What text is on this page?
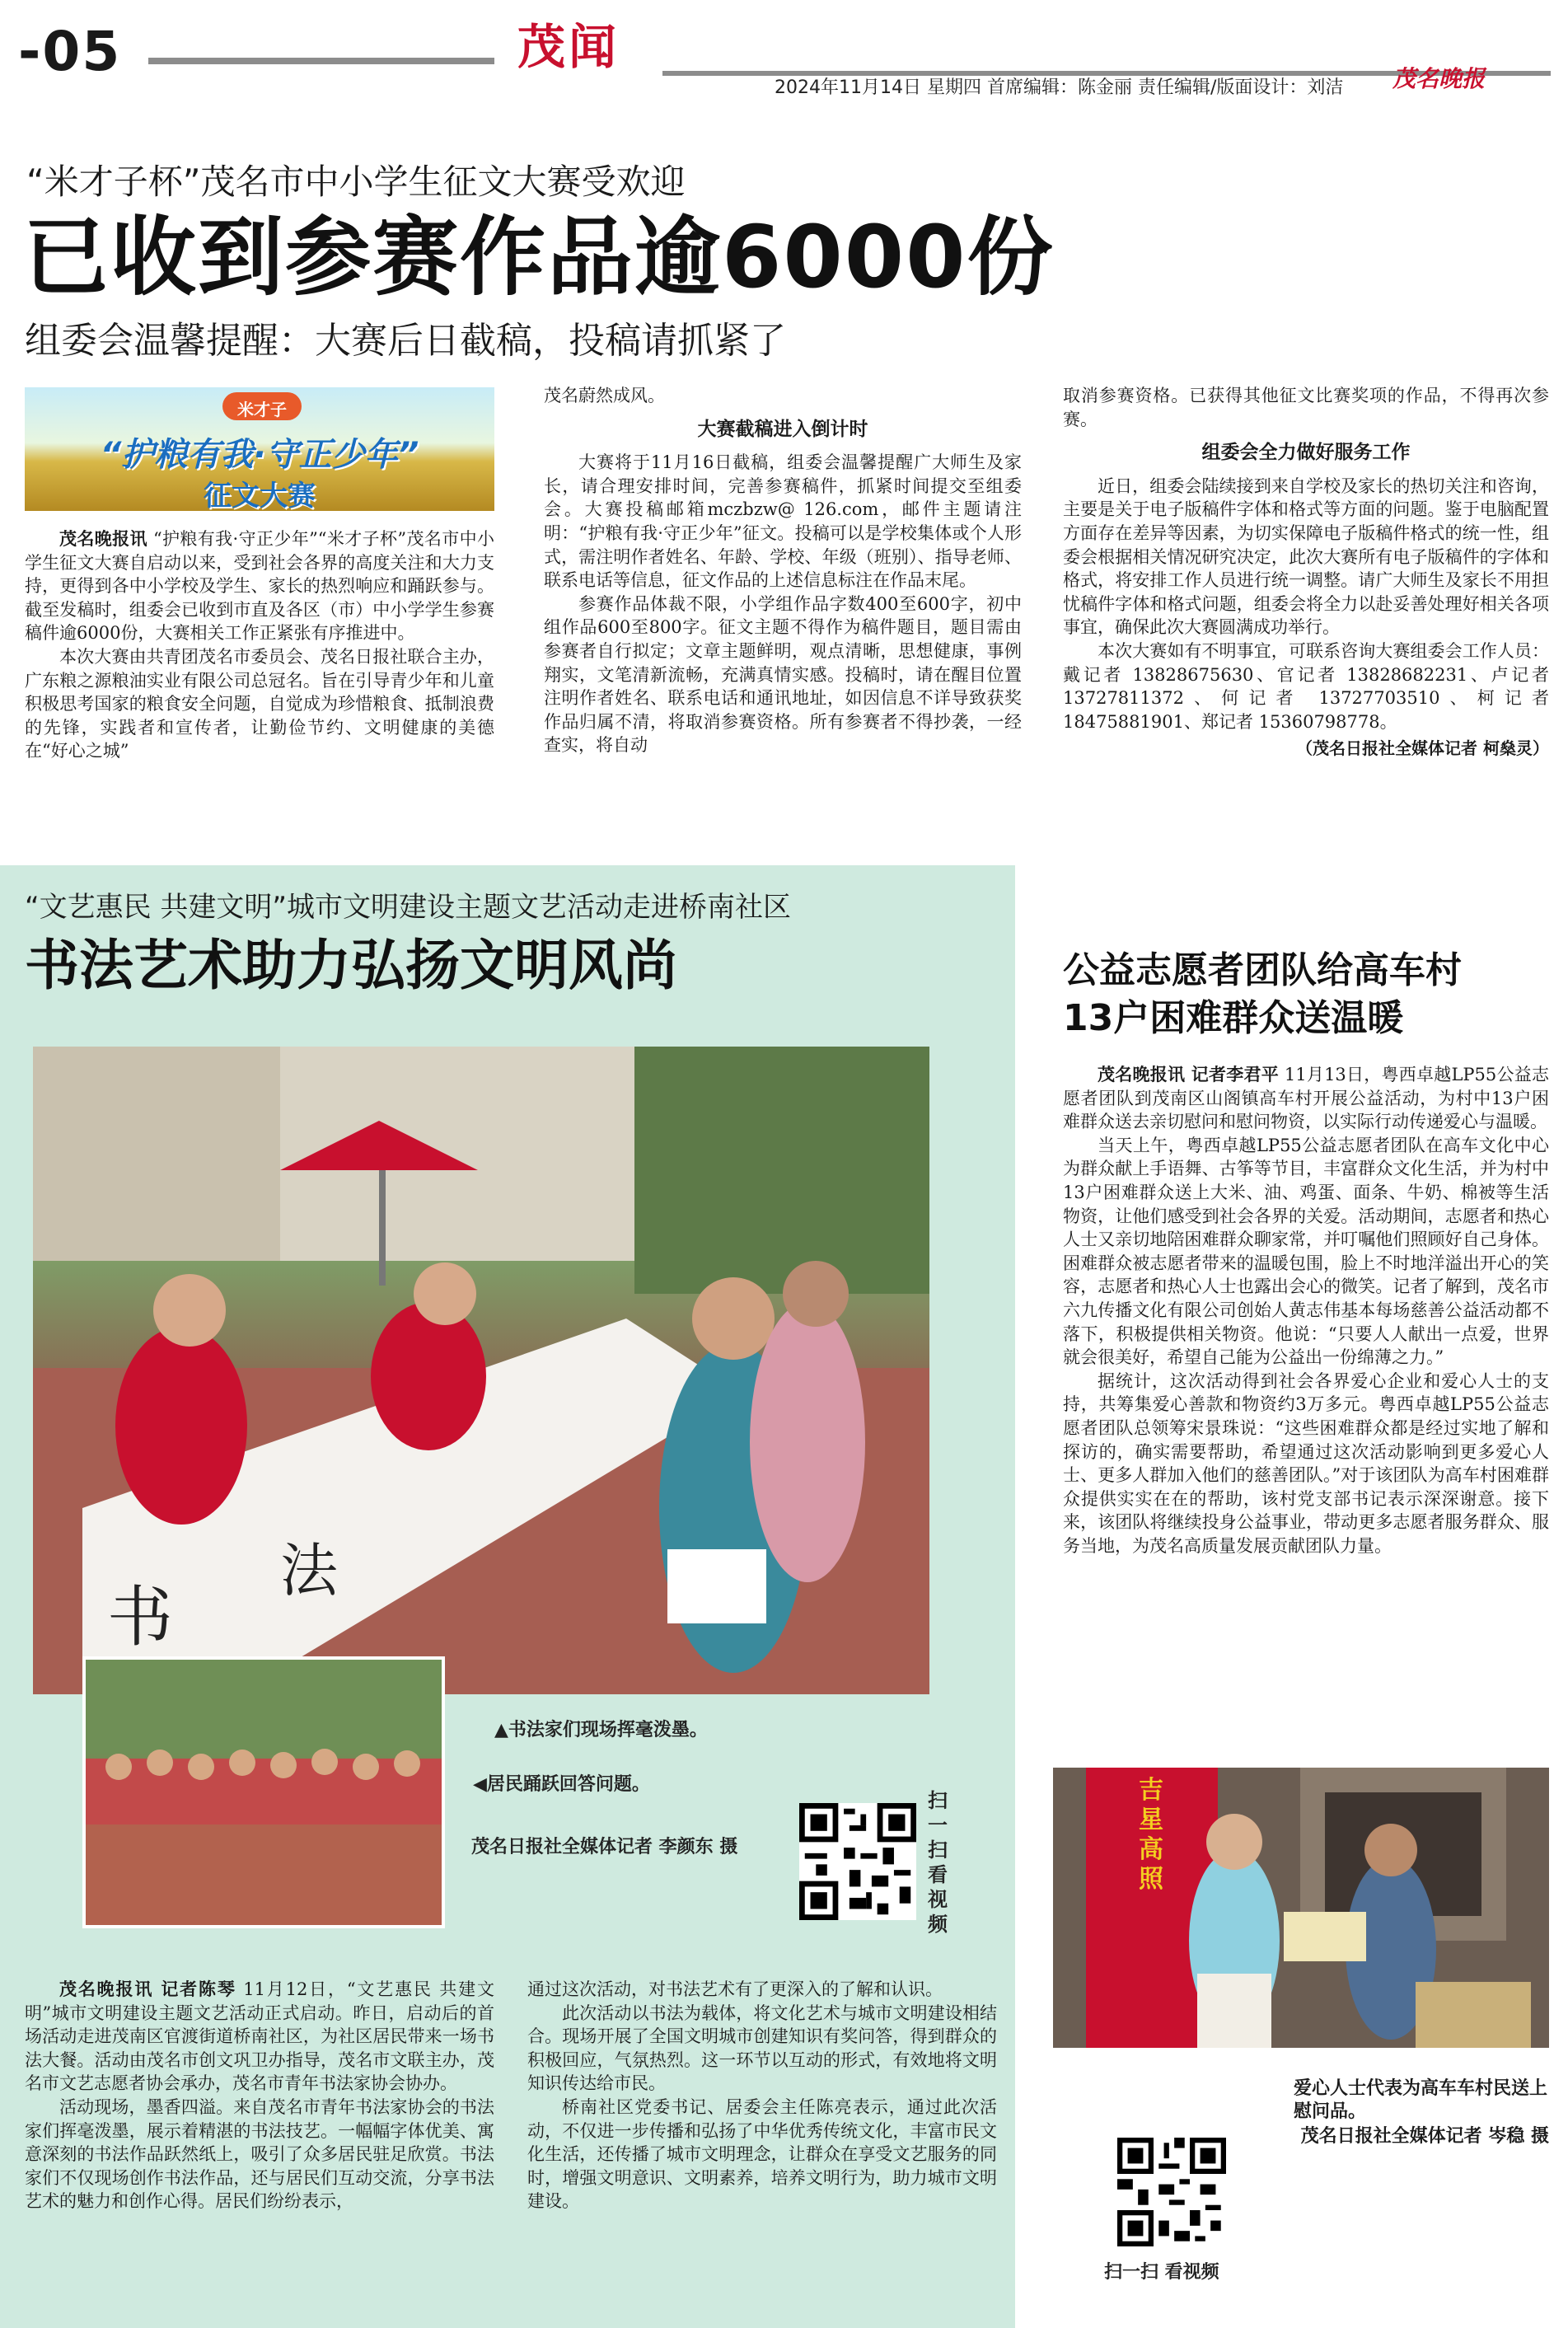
-05	茂闻
2024年11月14日 星期四 首席编辑：陈金丽 责任编辑/版面设计：刘洁 茂名晚报
“米才子杯”茂名市中小学生征文大赛受欢迎
已收到参赛作品逾6000份
组委会温馨提醒：大赛后日截稿，投稿请抓紧了
米才子
“护粮有我·守正少年”
征文大赛

茂名晚报讯 “护粮有我·守正少年”“米才子杯”茂名市中小学生征文大赛自启动以来，受到社会各界的高度关注和大力支持，更得到各中小学校及学生、家长的热烈响应和踊跃参与。截至发稿时，组委会已收到市直及各区（市）中小学学生参赛稿件逾6000份，大赛相关工作正紧张有序推进中。

本次大赛由共青团茂名市委员会、茂名日报社联合主办，广东粮之源粮油实业有限公司总冠名。旨在引导青少年和儿童积极思考国家的粮食安全问题，自觉成为珍惜粮食、抵制浪费的先锋，实践者和宣传者，让勤俭节约、文明健康的美德在“好心之城”

茂名蔚然成风。

大赛截稿进入倒计时

大赛将于11月16日截稿，组委会温馨提醒广大师生及家长，请合理安排时间，完善参赛稿件，抓紧时间提交至组委会。大赛投稿邮箱mczbzw@ 126.com，邮件主题请注明：“护粮有我·守正少年”征文。投稿可以是学校集体或个人形式，需注明作者姓名、年龄、学校、年级（班别）、指导老师、联系电话等信息，征文作品的上述信息标注在作品末尾。

参赛作品体裁不限，小学组作品字数400至600字，初中组作品600至800字。征文主题不得作为稿件题目，题目需由参赛者自行拟定；文章主题鲜明，观点清晰，思想健康，事例翔实，文笔清新流畅，充满真情实感。投稿时，请在醒目位置注明作者姓名、联系电话和通讯地址，如因信息不详导致获奖作品归属不清，将取消参赛资格。所有参赛者不得抄袭，一经查实，将自动

取消参赛资格。已获得其他征文比赛奖项的作品，不得再次参赛。

组委会全力做好服务工作

近日，组委会陆续接到来自学校及家长的热切关注和咨询，主要是关于电子版稿件字体和格式等方面的问题。鉴于电脑配置方面存在差异等因素，为切实保障电子版稿件格式的统一性，组委会根据相关情况研究决定，此次大赛所有电子版稿件的字体和格式，将安排工作人员进行统一调整。请广大师生及家长不用担忧稿件字体和格式问题，组委会将全力以赴妥善处理好相关各项事宜，确保此次大赛圆满成功举行。

本次大赛如有不明事宜，可联系咨询大赛组委会工作人员：戴记者 13828675630、官记者 13828682231、卢记者 13727811372、何记者 13727703510、柯记者 18475881901、郑记者 15360798778。

（茂名日报社全媒体记者 柯燊灵）
“文艺惠民 共建文明”城市文明建设主题文艺活动走进桥南社区
书法艺术助力弘扬文明风尚
书
法
▲书法家们现场挥毫泼墨。
◀居民踊跃回答问题。
茂名日报社全媒体记者 李颜东 摄
扫一扫 看视频

茂名晚报讯 记者陈琴 11月12日，“文艺惠民 共建文明”城市文明建设主题文艺活动正式启动。昨日，启动后的首场活动走进茂南区官渡街道桥南社区，为社区居民带来一场书法大餐。活动由茂名市创文巩卫办指导，茂名市文联主办，茂名市文艺志愿者协会承办，茂名市青年书法家协会协办。

活动现场，墨香四溢。来自茂名市青年书法家协会的书法家们挥毫泼墨，展示着精湛的书法技艺。一幅幅字体优美、寓意深刻的书法作品跃然纸上，吸引了众多居民驻足欣赏。书法家们不仅现场创作书法作品，还与居民们互动交流，分享书法艺术的魅力和创作心得。居民们纷纷表示，

通过这次活动，对书法艺术有了更深入的了解和认识。

此次活动以书法为载体，将文化艺术与城市文明建设相结合。现场开展了全国文明城市创建知识有奖问答，得到群众的积极回应，气氛热烈。这一环节以互动的形式，有效地将文明知识传达给市民。

桥南社区党委书记、居委会主任陈亮表示，通过此次活动，不仅进一步传播和弘扬了中华优秀传统文化，丰富市民文化生活，还传播了城市文明理念，让群众在享受文艺服务的同时，增强文明意识、文明素养，培养文明行为，助力城市文明建设。

公益志愿者团队给高车村
13户困难群众送温暖

茂名晚报讯 记者李君平 11月13日，粤西卓越LP55公益志愿者团队到茂南区山阁镇高车村开展公益活动，为村中13户困难群众送去亲切慰问和慰问物资，以实际行动传递爱心与温暖。

当天上午，粤西卓越LP55公益志愿者团队在高车文化中心为群众献上手语舞、古筝等节目，丰富群众文化生活，并为村中13户困难群众送上大米、油、鸡蛋、面条、牛奶、棉被等生活物资，让他们感受到社会各界的关爱。活动期间，志愿者和热心人士又亲切地陪困难群众聊家常，并叮嘱他们照顾好自己身体。困难群众被志愿者带来的温暖包围，脸上不时地洋溢出开心的笑容，志愿者和热心人士也露出会心的微笑。记者了解到，茂名市六九传播文化有限公司创始人黄志伟基本每场慈善公益活动都不落下，积极提供相关物资。他说：“只要人人献出一点爱，世界就会很美好，希望自己能为公益出一份绵薄之力。”

据统计，这次活动得到社会各界爱心企业和爱心人士的支持，共筹集爱心善款和物资约3万多元。粤西卓越LP55公益志愿者团队总领筹宋景珠说：“这些困难群众都是经过实地了解和探访的，确实需要帮助，希望通过这次活动影响到更多爱心人士、更多人群加入他们的慈善团队。”对于该团队为高车村困难群众提供实实在在的帮助，该村党支部书记表示深深谢意。接下来，该团队将继续投身公益事业，带动更多志愿者服务群众、服务当地，为茂名高质量发展贡献团队力量。

吉星高照
爱心人士代表为高车车村民送上慰问品。
茂名日报社全媒体记者 岑稳 摄
扫一扫 看视频
